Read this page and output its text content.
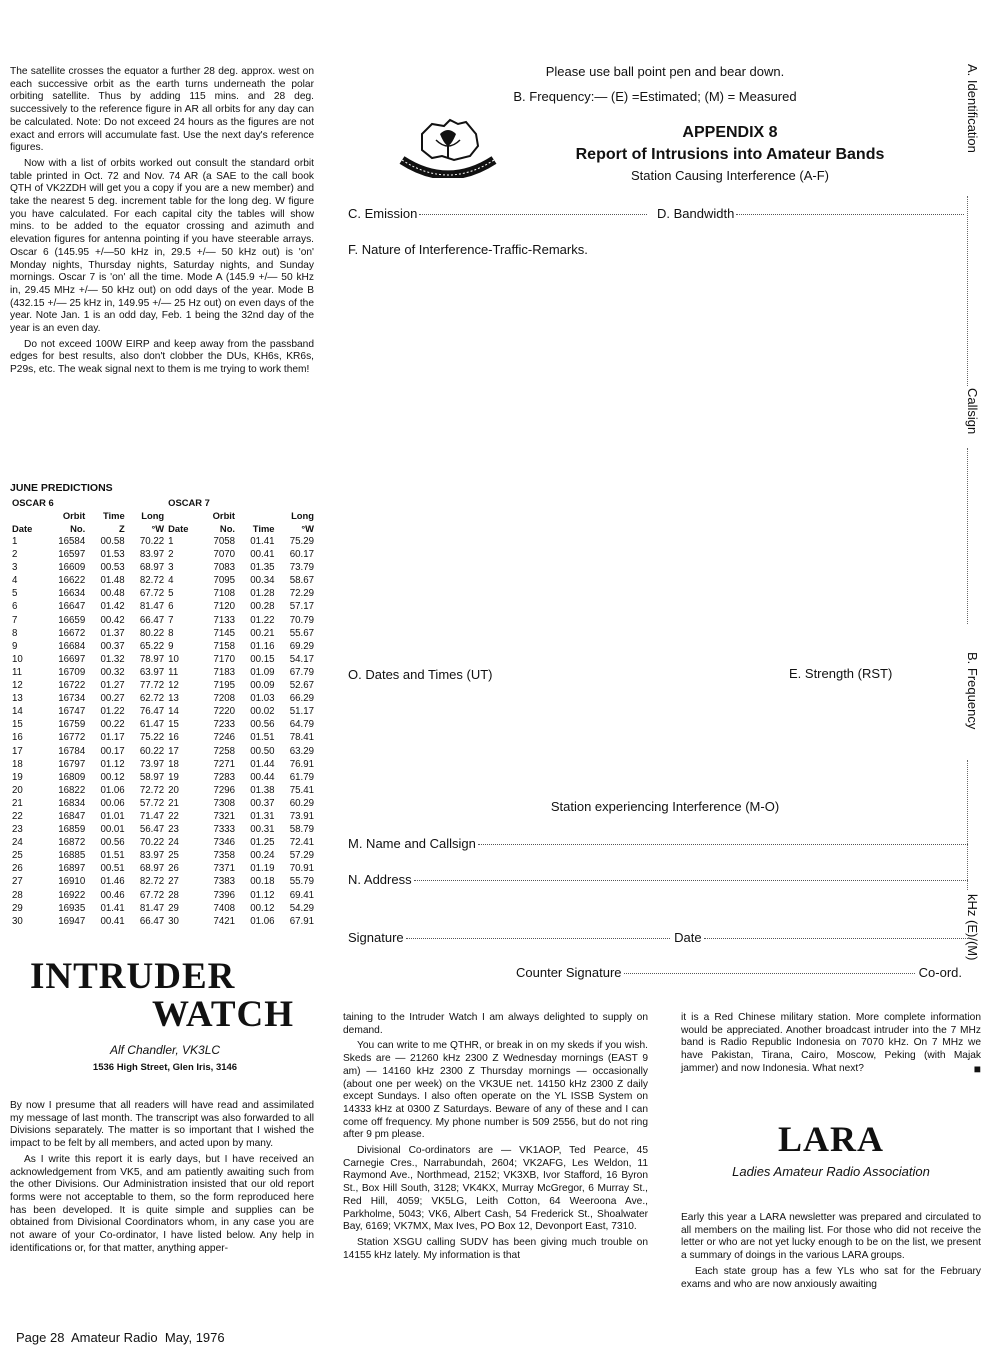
The satellite crosses the equator a further 28 deg. approx. west on each successive orbit as the earth turns underneath the polar orbiting satellite. Thus by adding 115 mins. and 28 deg. successively to the reference figure in AR all orbits for any day can be calculated. Note: Do not exceed 24 hours as the figures are not exact and errors will accumulate fast. Use the next day's reference figures.

Now with a list of orbits worked out consult the standard orbit table printed in Oct. 72 and Nov. 74 AR (a SAE to the call book QTH of VK2ZDH will get you a copy if you are a new member) and take the nearest 5 deg. increment table for the long deg. W figure you have calculated. For each capital city the tables will show mins. to be added to the equator crossing and azimuth and elevation figures for antenna pointing if you have steerable arrays. Oscar 6 (145.95 +/—50 kHz in, 29.5 +/— 50 kHz out) is 'on' Monday nights, Thursday nights, Saturday nights, and Sunday mornings. Oscar 7 is 'on' all the time. Mode A (145.9 +/— 50 kHz in, 29.45 MHz +/— 50 kHz out) on odd days of the year. Mode B (432.15 +/— 25 kHz in, 149.95 +/— 25 Hz out) on even days of the year. Note Jan. 1 is an odd day, Feb. 1 being the 32nd day of the year is an even day.

Do not exceed 100W EIRP and keep away from the passband edges for best results, also don't clobber the DUs, KH6s, KR6s, P29s, etc. The weak signal next to them is me trying to work them!

JUNE PREDICTIONS
OSCAR 6				OSCAR 7			
	Orbit	Time	Long		Orbit		Long
Date	No.	Z	°W	Date	No.	Time	°W
1	16584	00.58	70.22	1	7058	01.41	75.29
2	16597	01.53	83.97	2	7070	00.41	60.17
3	16609	00.53	68.97	3	7083	01.35	73.79
4	16622	01.48	82.72	4	7095	00.34	58.67
5	16634	00.48	67.72	5	7108	01.28	72.29
6	16647	01.42	81.47	6	7120	00.28	57.17
7	16659	00.42	66.47	7	7133	01.22	70.79
8	16672	01.37	80.22	8	7145	00.21	55.67
9	16684	00.37	65.22	9	7158	01.16	69.29
10	16697	01.32	78.97	10	7170	00.15	54.17
11	16709	00.32	63.97	11	7183	01.09	67.79
12	16722	01.27	77.72	12	7195	00.09	52.67
13	16734	00.27	62.72	13	7208	01.03	66.29
14	16747	01.22	76.47	14	7220	00.02	51.17
15	16759	00.22	61.47	15	7233	00.56	64.79
16	16772	01.17	75.22	16	7246	01.51	78.41
17	16784	00.17	60.22	17	7258	00.50	63.29
18	16797	01.12	73.97	18	7271	01.44	76.91
19	16809	00.12	58.97	19	7283	00.44	61.79
20	16822	01.06	72.72	20	7296	01.38	75.41
21	16834	00.06	57.72	21	7308	00.37	60.29
22	16847	01.01	71.47	22	7321	01.31	73.91
23	16859	00.01	56.47	23	7333	00.31	58.79
24	16872	00.56	70.22	24	7346	01.25	72.41
25	16885	01.51	83.97	25	7358	00.24	57.29
26	16897	00.51	68.97	26	7371	01.19	70.91
27	16910	01.46	82.72	27	7383	00.18	55.79
28	16922	00.46	67.72	28	7396	01.12	69.41
29	16935	01.41	81.47	29	7408	00.12	54.29
30	16947	00.41	66.47	30	7421	01.06	67.91
INTRUDER
WATCH
Alf Chandler, VK3LC
1536 High Street, Glen Iris, 3146

By now I presume that all readers will have read and assimilated my message of last month. The transcript was also forwarded to all Divisions separately. The matter is so important that I wished the impact to be felt by all members, and acted upon by many.

As I write this report it is early days, but I have received an acknowledgement from VK5, and am patiently awaiting such from the other Divisions. Our Administration insisted that our old report forms were not acceptable to them, so the form reproduced here has been developed. It is quite simple and supplies can be obtained from Divisional Coordinators whom, in any case you are not aware of your Co-ordinator, I have listed below. Any help in identifications or, for that matter, anything apper-

Please use ball point pen and bear down.
B. Frequency:— (E) =Estimated; (M) = Measured
APPENDIX 8
Report of Intrusions into Amateur Bands
Station Causing Interference (A-F)
C. Emission	D. Bandwidth
F. Nature of Interference-Traffic-Remarks.
O. Dates and Times (UT)	E. Strength (RST)
Station experiencing Interference (M-O)
M. Name and Callsign
N. Address
Signature	Date
Counter Signature	Co-ord.
A. Identification
Callsign
B. Frequency
kHz (E)/(M)

taining to the Intruder Watch I am always delighted to supply on demand.

You can write to me QTHR, or break in on my skeds if you wish. Skeds are — 21260 kHz 2300 Z Wednesday mornings (EAST 9 am) — 14160 kHz 2300 Z Thursday mornings — occasionally (about one per week) on the VK3UE net. 14150 kHz 2300 Z daily except Sundays. I also often operate on the YL ISSB System on 14333 kHz at 0300 Z Saturdays. Beware of any of these and I can come off frequency. My phone number is 509 2556, but do not ring after 9 pm please.

Divisional Co-ordinators are — VK1AOP, Ted Pearce, 45 Carnegie Cres., Narrabundah, 2604; VK2AFG, Les Weldon, 11 Raymond Ave., Northmead, 2152; VK3XB, Ivor Stafford, 16 Byron St., Box Hill South, 3128; VK4KX, Murray McGregor, 6 Murray St., Red Hill, 4059; VK5LG, Leith Cotton, 64 Weeroona Ave., Parkholme, 5043; VK6, Albert Cash, 54 Frederick St., Shoalwater Bay, 6169; VK7MX, Max Ives, PO Box 12, Devonport East, 7310.

Station XSGU calling SUDV has been giving much trouble on 14155 kHz lately. My information is that

it is a Red Chinese military station. More complete information would be appreciated. Another broadcast intruder into the 7 MHz band is Radio Republic Indonesia on 7070 kHz. On 7 MHz we have Pakistan, Tirana, Cairo, Moscow, Peking (with Majak jammer) and now Indonesia. What next?	■

LARA
Ladies Amateur Radio Association

Early this year a LARA newsletter was prepared and circulated to all members on the mailing list. For those who did not receive the letter or who are not yet lucky enough to be on the list, we present a summary of doings in the various LARA groups.

Each state group has a few YLs who sat for the February exams and who are now anxiously awaiting

Page 28  Amateur Radio  May, 1976
